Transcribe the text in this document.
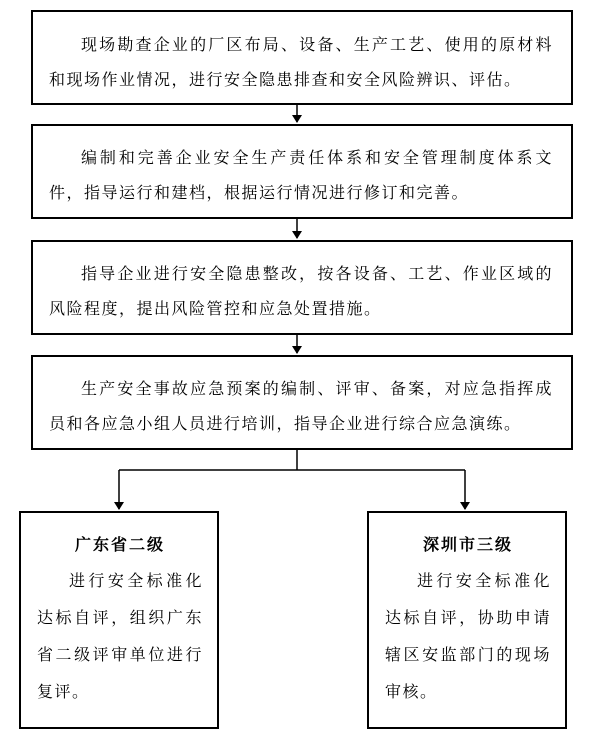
现场勘查企业的厂区布局、设备、生产工艺、使用的原材料和现场作业情况，进行安全隐患排查和安全风险辨识、评估。

编制和完善企业安全生产责任体系和安全管理制度体系文件，指导运行和建档，根据运行情况进行修订和完善。

指导企业进行安全隐患整改，按各设备、工艺、作业区域的风险程度，提出风险管控和应急处置措施。

生产安全事故应急预案的编制、评审、备案，对应急指挥成员和各应急小组人员进行培训，指导企业进行综合应急演练。

广东省二级

进行安全标准化达标自评，组织广东省二级评审单位进行复评。

深圳市三级

进行安全标准化达标自评，协助申请辖区安监部门的现场审核。
